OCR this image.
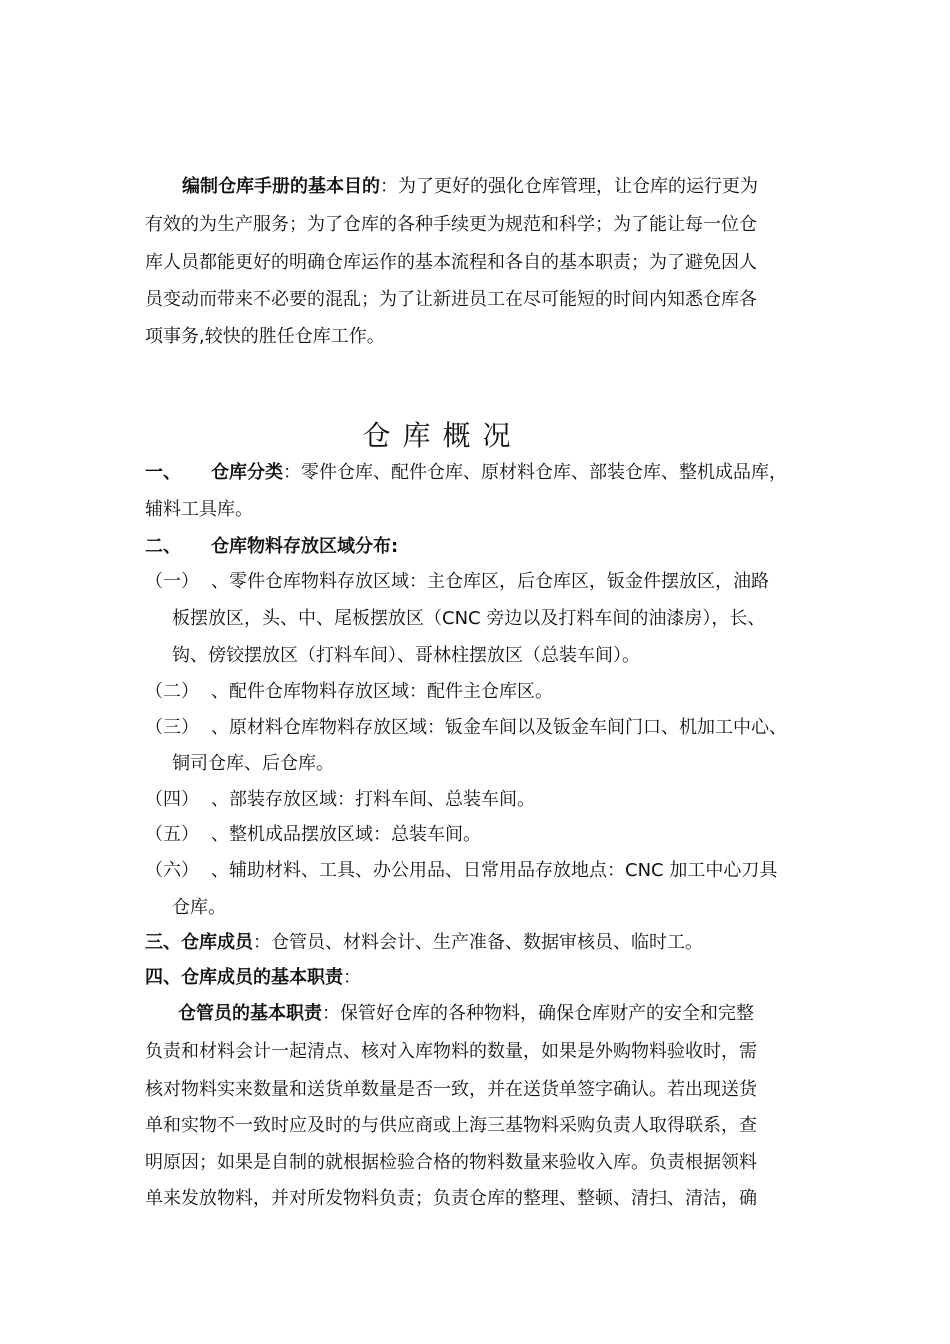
编制仓库手册的基本目的：为了更好的强化仓库管理，让仓库的运行更为
有效的为生产服务；为了仓库的各种手续更为规范和科学；为了能让每一位仓
库人员都能更好的明确仓库运作的基本流程和各自的基本职责；为了避免因人
员变动而带来不必要的混乱；为了让新进员工在尽可能短的时间内知悉仓库各
项事务,较快的胜任仓库工作。
仓库概况
一、 仓库分类：零件仓库、配件仓库、原材料仓库、部装仓库、整机成品库，
辅料工具库。
二、 仓库物料存放区域分布:
（一） 、零件仓库物料存放区域：主仓库区，后仓库区，钣金件摆放区，油路
板摆放区，头、中、尾板摆放区（CNC 旁边以及打料车间的油漆房），长、
钩、傍铰摆放区（打料车间）、哥林柱摆放区（总装车间）。
（二） 、配件仓库物料存放区域：配件主仓库区。
（三） 、原材料仓库物料存放区域：钣金车间以及钣金车间门口、机加工中心、
铜司仓库、后仓库。
（四） 、部装存放区域：打料车间、总装车间。
（五） 、整机成品摆放区域：总装车间。
（六） 、辅助材料、工具、办公用品、日常用品存放地点：CNC 加工中心刀具
仓库。
三、仓库成员：仓管员、材料会计、生产准备、数据审核员、临时工。
四、仓库成员的基本职责：
仓管员的基本职责：保管好仓库的各种物料，确保仓库财产的安全和完整
负责和材料会计一起清点、核对入库物料的数量，如果是外购物料验收时，需
核对物料实来数量和送货单数量是否一致，并在送货单签字确认。若出现送货
单和实物不一致时应及时的与供应商或上海三基物料采购负责人取得联系，查
明原因；如果是自制的就根据检验合格的物料数量来验收入库。负责根据领料
单来发放物料，并对所发物料负责；负责仓库的整理、整顿、清扫、清洁，确
